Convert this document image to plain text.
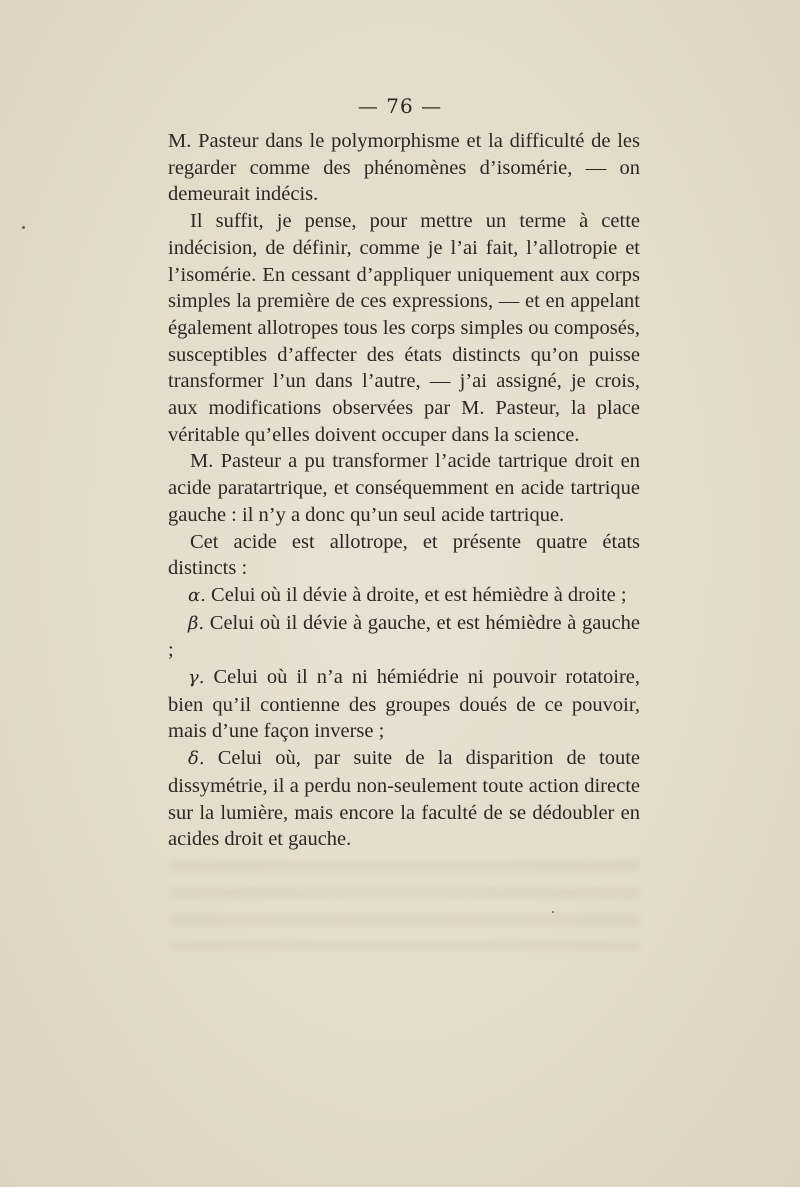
— 76 —

M. Pasteur dans le polymorphisme et la difficulté de les regarder comme des phénomènes d’isomérie, — on demeurait indécis.

Il suffit, je pense, pour mettre un terme à cette indécision, de définir, comme je l’ai fait, l’allotropie et l’isomérie. En cessant d’appliquer uniquement aux corps simples la première de ces expressions, — et en appelant également allotropes tous les corps simples ou composés, susceptibles d’affecter des états distincts qu’on puisse transformer l’un dans l’autre, — j’ai assigné, je crois, aux modifications observées par M. Pasteur, la place véritable qu’elles doivent occuper dans la science.

M. Pasteur a pu transformer l’acide tartrique droit en acide paratartrique, et conséquemment en acide tartrique gauche : il n’y a donc qu’un seul acide tartrique.

Cet acide est allotrope, et présente quatre états distincts :

α. Celui où il dévie à droite, et est hémièdre à droite ;

β. Celui où il dévie à gauche, et est hémièdre à gauche ;

γ. Celui où il n’a ni hémiédrie ni pouvoir rotatoire, bien qu’il contienne des groupes doués de ce pouvoir, mais d’une façon inverse ;

δ. Celui où, par suite de la disparition de toute dissymétrie, il a perdu non-seulement toute action directe sur la lumière, mais encore la faculté de se dédoubler en acides droit et gauche.
